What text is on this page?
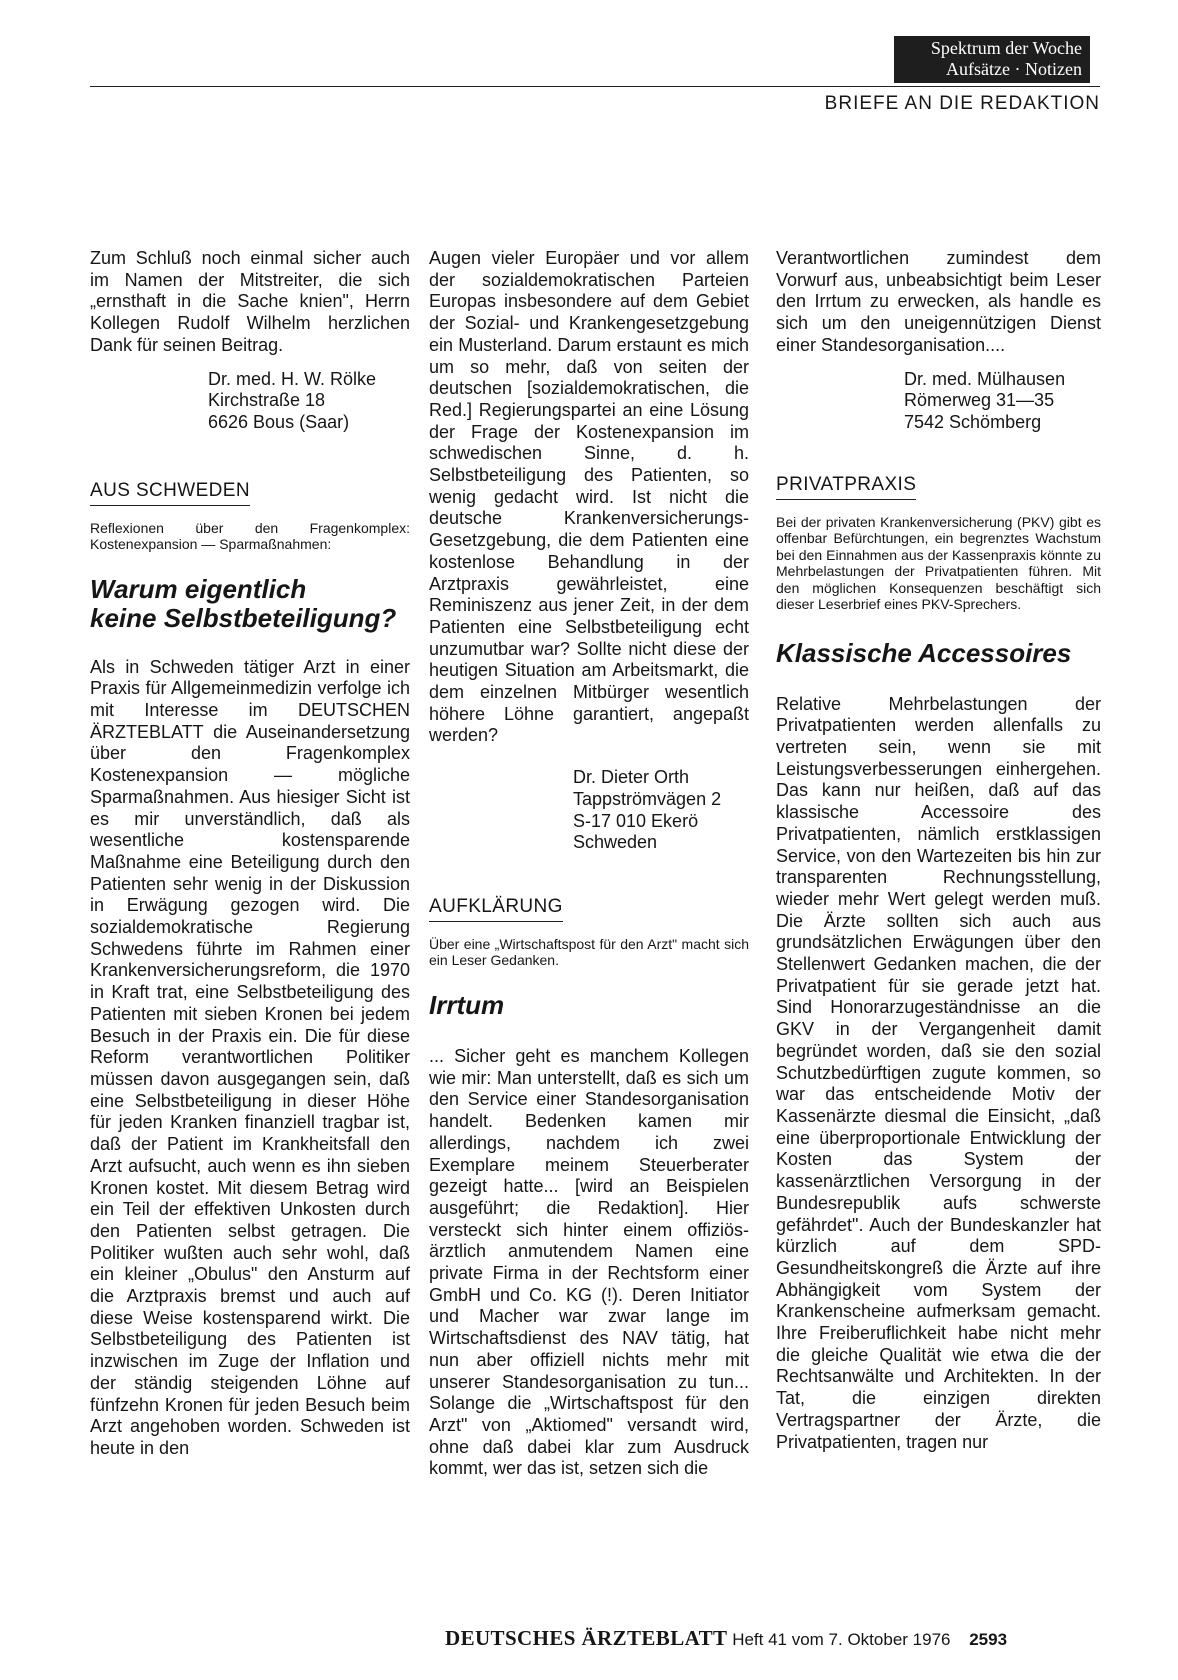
Spektrum der Woche
Aufsätze · Notizen
BRIEFE AN DIE REDAKTION

Zum Schluß noch einmal sicher auch im Namen der Mitstreiter, die sich „ernsthaft in die Sache knien", Herrn Kollegen Rudolf Wilhelm herzlichen Dank für seinen Beitrag.

Dr. med. H. W. Rölke
Kirchstraße 18
6626 Bous (Saar)
AUS SCHWEDEN

Reflexionen über den Fragenkomplex: Kostenexpansion — Sparmaßnahmen:

Warum eigentlich
keine Selbstbeteiligung?

Als in Schweden tätiger Arzt in einer Praxis für Allgemeinmedizin verfolge ich mit Interesse im DEUTSCHEN ÄRZTEBLATT die Auseinandersetzung über den Fragenkomplex Kostenexpansion — mögliche Sparmaßnahmen. Aus hiesiger Sicht ist es mir unverständlich, daß als wesentliche kostensparende Maßnahme eine Beteiligung durch den Patienten sehr wenig in der Diskussion in Erwägung gezogen wird. Die sozialdemokratische Regierung Schwedens führte im Rahmen einer Krankenversicherungsreform, die 1970 in Kraft trat, eine Selbstbeteiligung des Patienten mit sieben Kronen bei jedem Besuch in der Praxis ein. Die für diese Reform verantwortlichen Politiker müssen davon ausgegangen sein, daß eine Selbstbeteiligung in dieser Höhe für jeden Kranken finanziell tragbar ist, daß der Patient im Krankheitsfall den Arzt aufsucht, auch wenn es ihn sieben Kronen kostet. Mit diesem Betrag wird ein Teil der effektiven Unkosten durch den Patienten selbst getragen. Die Politiker wußten auch sehr wohl, daß ein kleiner „Obulus" den Ansturm auf die Arztpraxis bremst und auch auf diese Weise kostensparend wirkt. Die Selbstbeteiligung des Patienten ist inzwischen im Zuge der Inflation und der ständig steigenden Löhne auf fünfzehn Kronen für jeden Besuch beim Arzt angehoben worden. Schweden ist heute in den

Augen vieler Europäer und vor allem der sozialdemokratischen Parteien Europas insbesondere auf dem Gebiet der Sozial- und Krankengesetzgebung ein Musterland. Darum erstaunt es mich um so mehr, daß von seiten der deutschen [sozialdemokratischen, die Red.] Regierungspartei an eine Lösung der Frage der Kostenexpansion im schwedischen Sinne, d. h. Selbstbeteiligung des Patienten, so wenig gedacht wird. Ist nicht die deutsche Krankenversicherungs-Gesetzgebung, die dem Patienten eine kostenlose Behandlung in der Arztpraxis gewährleistet, eine Reminiszenz aus jener Zeit, in der dem Patienten eine Selbstbeteiligung echt unzumutbar war? Sollte nicht diese der heutigen Situation am Arbeitsmarkt, die dem einzelnen Mitbürger wesentlich höhere Löhne garantiert, angepaßt werden?

Dr. Dieter Orth
Tappströmvägen 2
S-17 010 Ekerö
Schweden
AUFKLÄRUNG

Über eine „Wirtschaftspost für den Arzt" macht sich ein Leser Gedanken.

Irrtum

... Sicher geht es manchem Kollegen wie mir: Man unterstellt, daß es sich um den Service einer Standesorganisation handelt. Bedenken kamen mir allerdings, nachdem ich zwei Exemplare meinem Steuerberater gezeigt hatte... [wird an Beispielen ausgeführt; die Redaktion]. Hier versteckt sich hinter einem offiziös-ärztlich anmutendem Namen eine private Firma in der Rechtsform einer GmbH und Co. KG (!). Deren Initiator und Macher war zwar lange im Wirtschaftsdienst des NAV tätig, hat nun aber offiziell nichts mehr mit unserer Standesorganisation zu tun... Solange die „Wirtschaftspost für den Arzt" von „Aktiomed" versandt wird, ohne daß dabei klar zum Ausdruck kommt, wer das ist, setzen sich die

Verantwortlichen zumindest dem Vorwurf aus, unbeabsichtigt beim Leser den Irrtum zu erwecken, als handle es sich um den uneigennützigen Dienst einer Standesorganisation....

Dr. med. Mülhausen
Römerweg 31—35
7542 Schömberg
PRIVATPRAXIS

Bei der privaten Krankenversicherung (PKV) gibt es offenbar Befürchtungen, ein begrenztes Wachstum bei den Einnahmen aus der Kassenpraxis könnte zu Mehrbelastungen der Privatpatienten führen. Mit den möglichen Konsequenzen beschäftigt sich dieser Leserbrief eines PKV-Sprechers.

Klassische Accessoires

Relative Mehrbelastungen der Privatpatienten werden allenfalls zu vertreten sein, wenn sie mit Leistungsverbesserungen einhergehen. Das kann nur heißen, daß auf das klassische Accessoire des Privatpatienten, nämlich erstklassigen Service, von den Wartezeiten bis hin zur transparenten Rechnungsstellung, wieder mehr Wert gelegt werden muß. Die Ärzte sollten sich auch aus grundsätzlichen Erwägungen über den Stellenwert Gedanken machen, die der Privatpatient für sie gerade jetzt hat. Sind Honorarzugeständnisse an die GKV in der Vergangenheit damit begründet worden, daß sie den sozial Schutzbedürftigen zugute kommen, so war das entscheidende Motiv der Kassenärzte diesmal die Einsicht, „daß eine überproportionale Entwicklung der Kosten das System der kassenärztlichen Versorgung in der Bundesrepublik aufs schwerste gefährdet". Auch der Bundeskanzler hat kürzlich auf dem SPD-Gesundheitskongreß die Ärzte auf ihre Abhängigkeit vom System der Krankenscheine aufmerksam gemacht. Ihre Freiberuflichkeit habe nicht mehr die gleiche Qualität wie etwa die der Rechtsanwälte und Architekten. In der Tat, die einzigen direkten Vertragspartner der Ärzte, die Privatpatienten, tragen nur

DEUTSCHES ÄRZTEBLATT Heft 41 vom 7. Oktober 1976 2593
